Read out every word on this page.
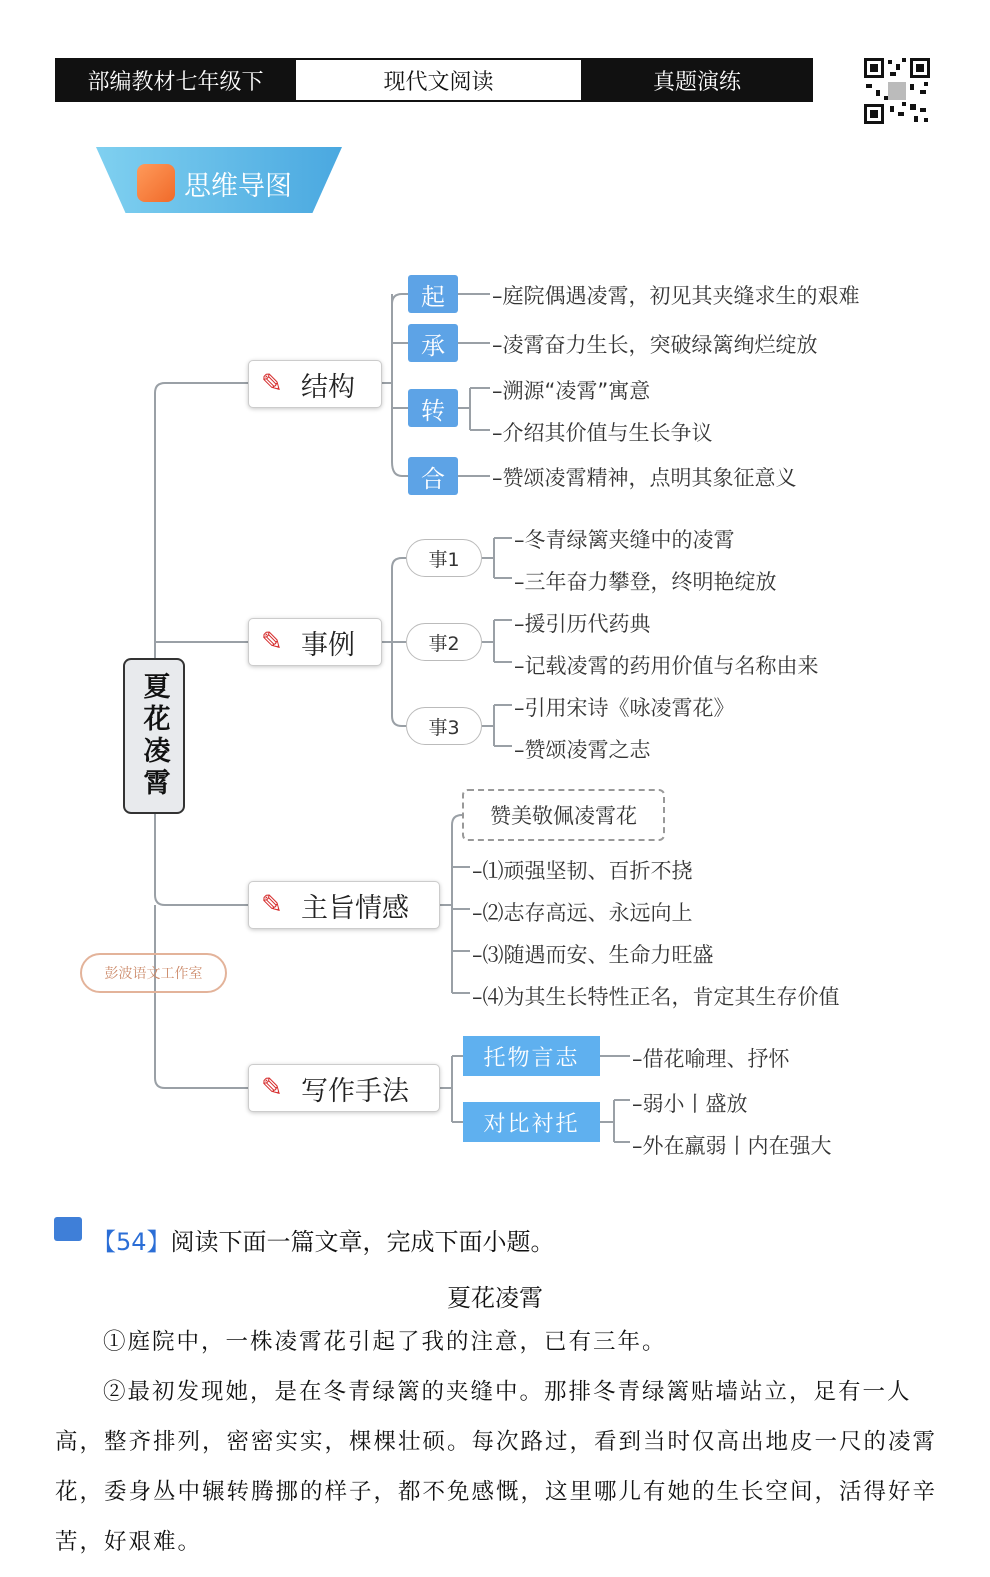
部编教材七年级下	现代文阅读	真题演练
思维导图
夏花凌霄
✎ 结构
起
承
转
合
–庭院偶遇凌霄，初见其夹缝求生的艰难
–凌霄奋力生长，突破绿篱绚烂绽放
–溯源“凌霄”寓意
–介绍其价值与生长争议
–赞颂凌霄精神，点明其象征意义
✎ 事例
事1
事2
事3
–冬青绿篱夹缝中的凌霄
–三年奋力攀登，终明艳绽放
–援引历代药典
–记载凌霄的药用价值与名称由来
–引用宋诗《咏凌霄花》
–赞颂凌霄之志
✎ 主旨情感
赞美敬佩凌霄花
–⑴顽强坚韧、百折不挠
–⑵志存高远、永远向上
–⑶随遇而安、生命力旺盛
–⑷为其生长特性正名，肯定其生存价值
彭波语文工作室
✎ 写作手法
托物言志
对比衬托
–借花喻理、抒怀
–弱小丨盛放
–外在羸弱丨内在强大
【54】阅读下面一篇文章，完成下面小题。
夏花凌霄
①庭院中，一株凌霄花引起了我的注意，已有三年。
②最初发现她，是在冬青绿篱的夹缝中。那排冬青绿篱贴墙站立，足有一人高，整齐排列，密密实实，棵棵壮硕。每次路过，看到当时仅高出地皮一尺的凌霄花，委身丛中辗转腾挪的样子，都不免感慨，这里哪儿有她的生长空间，活得好辛苦，好艰难。
